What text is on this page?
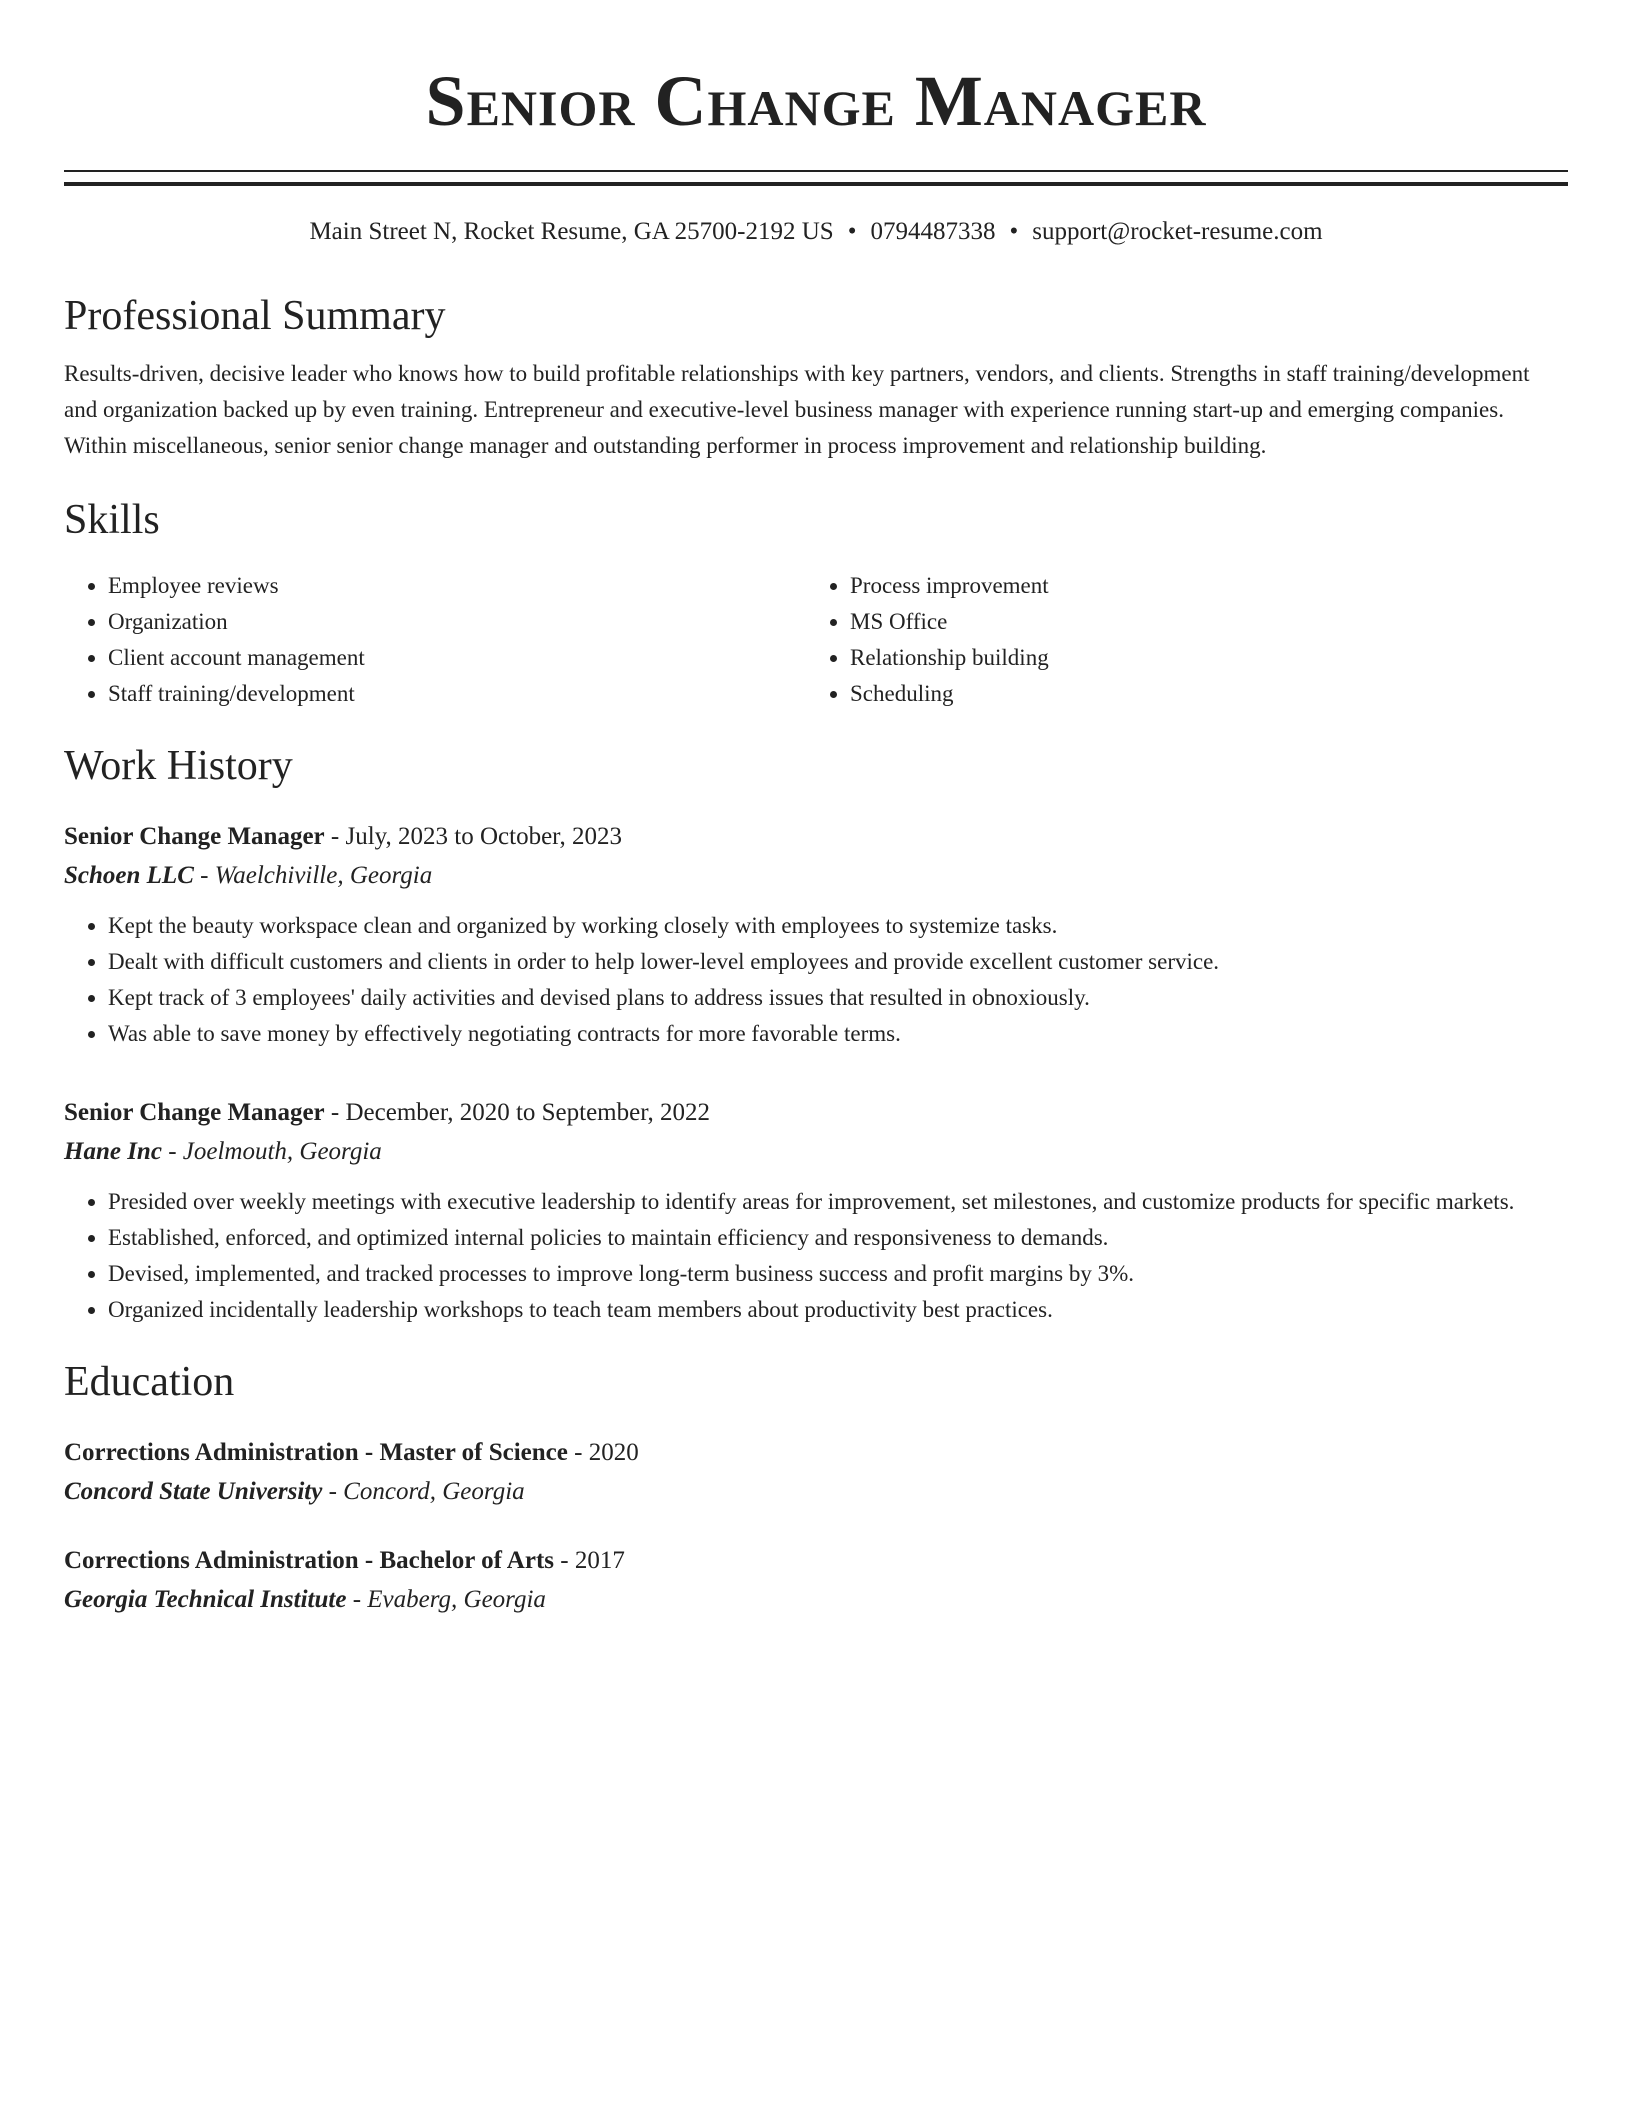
Senior Change Manager
Main Street N, Rocket Resume, GA 25700-2192 US • 0794487338 • support@rocket-resume.com
Professional Summary

Results-driven, decisive leader who knows how to build profitable relationships with key partners, vendors, and clients. Strengths in staff training/development and organization backed up by even training. Entrepreneur and executive-level business manager with experience running start-up and emerging companies. Within miscellaneous, senior senior change manager and outstanding performer in process improvement and relationship building.

Skills
• Employee reviews
• Organization
• Client account management
• Staff training/development
• Process improvement
• MS Office
• Relationship building
• Scheduling
Work History
Senior Change Manager - July, 2023 to October, 2023
Schoen LLC - Waelchiville, Georgia
• Kept the beauty workspace clean and organized by working closely with employees to systemize tasks.
• Dealt with difficult customers and clients in order to help lower-level employees and provide excellent customer service.
• Kept track of 3 employees' daily activities and devised plans to address issues that resulted in obnoxiously.
• Was able to save money by effectively negotiating contracts for more favorable terms.
Senior Change Manager - December, 2020 to September, 2022
Hane Inc - Joelmouth, Georgia
• Presided over weekly meetings with executive leadership to identify areas for improvement, set milestones, and customize products for specific markets.
• Established, enforced, and optimized internal policies to maintain efficiency and responsiveness to demands.
• Devised, implemented, and tracked processes to improve long-term business success and profit margins by 3%.
• Organized incidentally leadership workshops to teach team members about productivity best practices.
Education
Corrections Administration - Master of Science - 2020
Concord State University - Concord, Georgia
Corrections Administration - Bachelor of Arts - 2017
Georgia Technical Institute - Evaberg, Georgia
